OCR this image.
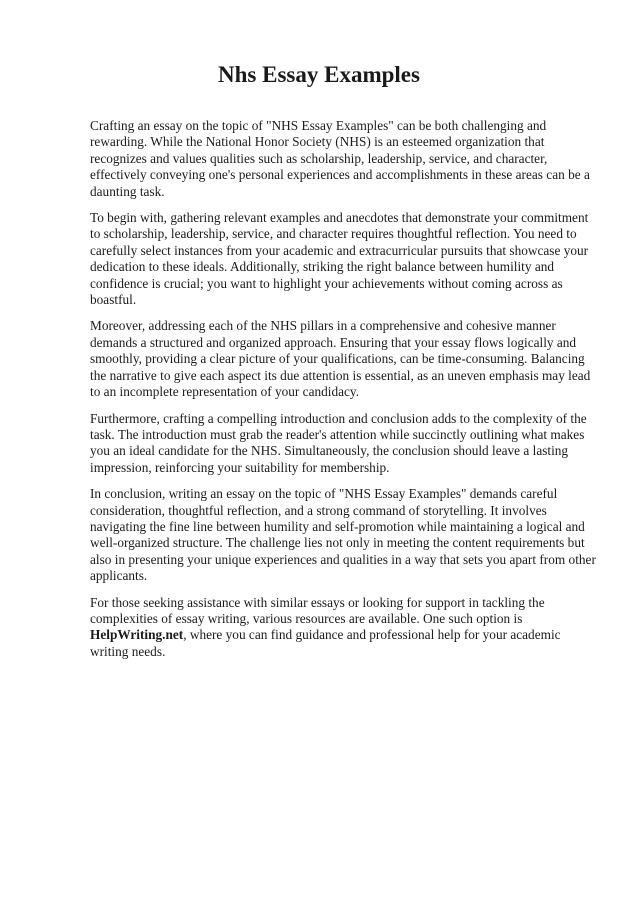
Nhs Essay Examples

Crafting an essay on the topic of "NHS Essay Examples" can be both challenging and rewarding. While the National Honor Society (NHS) is an esteemed organization that recognizes and values qualities such as scholarship, leadership, service, and character, effectively conveying one's personal experiences and accomplishments in these areas can be a daunting task.

To begin with, gathering relevant examples and anecdotes that demonstrate your commitment to scholarship, leadership, service, and character requires thoughtful reflection. You need to carefully select instances from your academic and extracurricular pursuits that showcase your dedication to these ideals. Additionally, striking the right balance between humility and confidence is crucial; you want to highlight your achievements without coming across as boastful.

Moreover, addressing each of the NHS pillars in a comprehensive and cohesive manner demands a structured and organized approach. Ensuring that your essay flows logically and smoothly, providing a clear picture of your qualifications, can be time-consuming. Balancing the narrative to give each aspect its due attention is essential, as an uneven emphasis may lead to an incomplete representation of your candidacy.

Furthermore, crafting a compelling introduction and conclusion adds to the complexity of the task. The introduction must grab the reader's attention while succinctly outlining what makes you an ideal candidate for the NHS. Simultaneously, the conclusion should leave a lasting impression, reinforcing your suitability for membership.

In conclusion, writing an essay on the topic of "NHS Essay Examples" demands careful consideration, thoughtful reflection, and a strong command of storytelling. It involves navigating the fine line between humility and self-promotion while maintaining a logical and well-organized structure. The challenge lies not only in meeting the content requirements but also in presenting your unique experiences and qualities in a way that sets you apart from other applicants.

For those seeking assistance with similar essays or looking for support in tackling the complexities of essay writing, various resources are available. One such option is HelpWriting.net, where you can find guidance and professional help for your academic writing needs.
